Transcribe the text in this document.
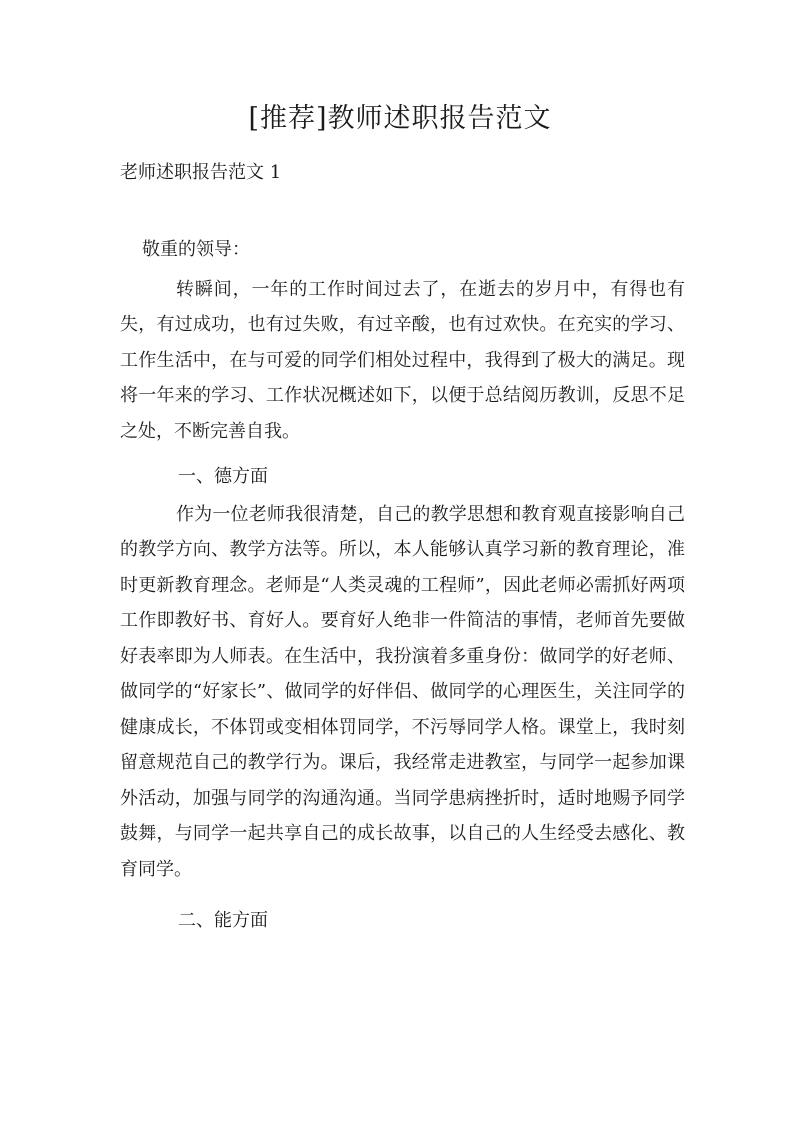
[推荐]教师述职报告范文

老师述职报告范文 1

敬重的领导：

转瞬间，一年的工作时间过去了，在逝去的岁月中，有得也有失，有过成功，也有过失败，有过辛酸，也有过欢快。在充实的学习、工作生活中，在与可爱的同学们相处过程中，我得到了极大的满足。现将一年来的学习、工作状况概述如下，以便于总结阅历教训，反思不足之处，不断完善自我。

一、德方面

作为一位老师我很清楚，自己的教学思想和教育观直接影响自己的教学方向、教学方法等。所以，本人能够认真学习新的教育理论，准时更新教育理念。老师是“人类灵魂的工程师”，因此老师必需抓好两项工作即教好书、育好人。要育好人绝非一件简洁的事情，老师首先要做好表率即为人师表。在生活中，我扮演着多重身份：做同学的好老师、做同学的“好家长”、做同学的好伴侣、做同学的心理医生，关注同学的健康成长，不体罚或变相体罚同学，不污辱同学人格。课堂上，我时刻留意规范自己的教学行为。课后，我经常走进教室，与同学一起参加课外活动，加强与同学的沟通沟通。当同学患病挫折时，适时地赐予同学鼓舞，与同学一起共享自己的成长故事，以自己的人生经受去感化、教育同学。

二、能方面
